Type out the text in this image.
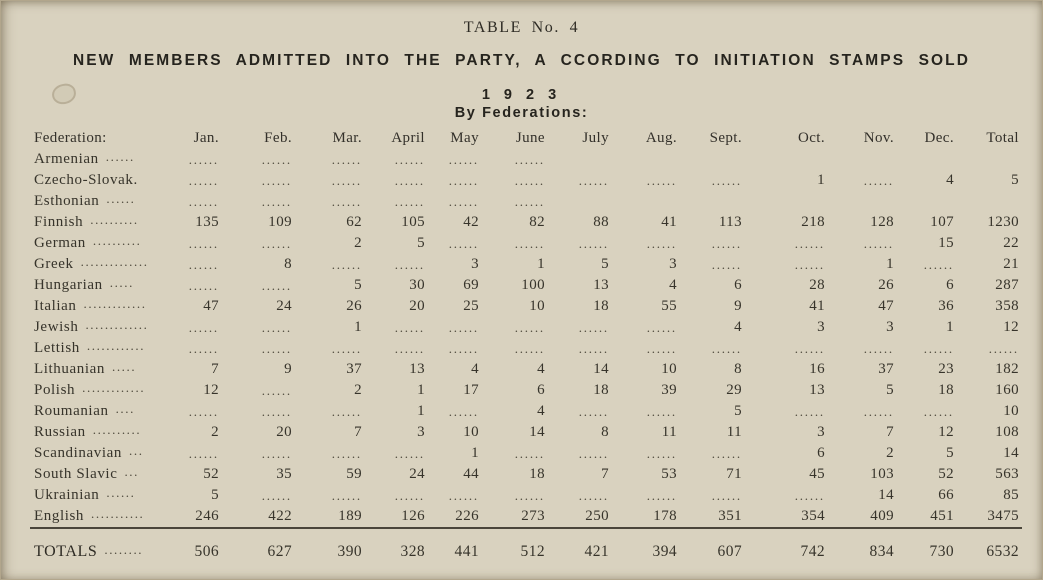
TABLE No. 4
NEW MEMBERS ADMITTED INTO THE PARTY, A CCORDING TO INITIATION STAMPS SOLD
1 9 2 3
By Federations:
Federation:	Jan.	Feb.	Mar.	April	May	June	July	Aug.	Sept.	Oct.	Nov.	Dec.	Total
Armenian ......	......	......	......	......	......	......							
Czecho-Slovak.	......	......	......	......	......	......	......	......	......	1	......	4	5
Esthonian ......	......	......	......	......	......	......							
Finnish ..........	135	109	62	105	42	82	88	41	113	218	128	107	1230
German ..........	......	......	2	5	......	......	......	......	......	......	......	15	22
Greek ..............	......	8	......	......	3	1	5	3	......	......	1	......	21
Hungarian .....	......	......	5	30	69	100	13	4	6	28	26	6	287
Italian .............	47	24	26	20	25	10	18	55	9	41	47	36	358
Jewish .............	......	......	1	......	......	......	......	......	4	3	3	1	12
Lettish ............	......	......	......	......	......	......	......	......	......	......	......	......	......
Lithuanian .....	7	9	37	13	4	4	14	10	8	16	37	23	182
Polish .............	12	......	2	1	17	6	18	39	29	13	5	18	160
Roumanian ....	......	......	......	1	......	4	......	......	5	......	......	......	10
Russian ..........	2	20	7	3	10	14	8	11	11	3	7	12	108
Scandinavian ...	......	......	......	......	1	......	......	......	......	6	2	5	14
South Slavic ...	52	35	59	24	44	18	7	53	71	45	103	52	563
Ukrainian ......	5	......	......	......	......	......	......	......	......	......	14	66	85
English ...........	246	422	189	126	226	273	250	178	351	354	409	451	3475
TOTALS ........	506	627	390	328	441	512	421	394	607	742	834	730	6532
